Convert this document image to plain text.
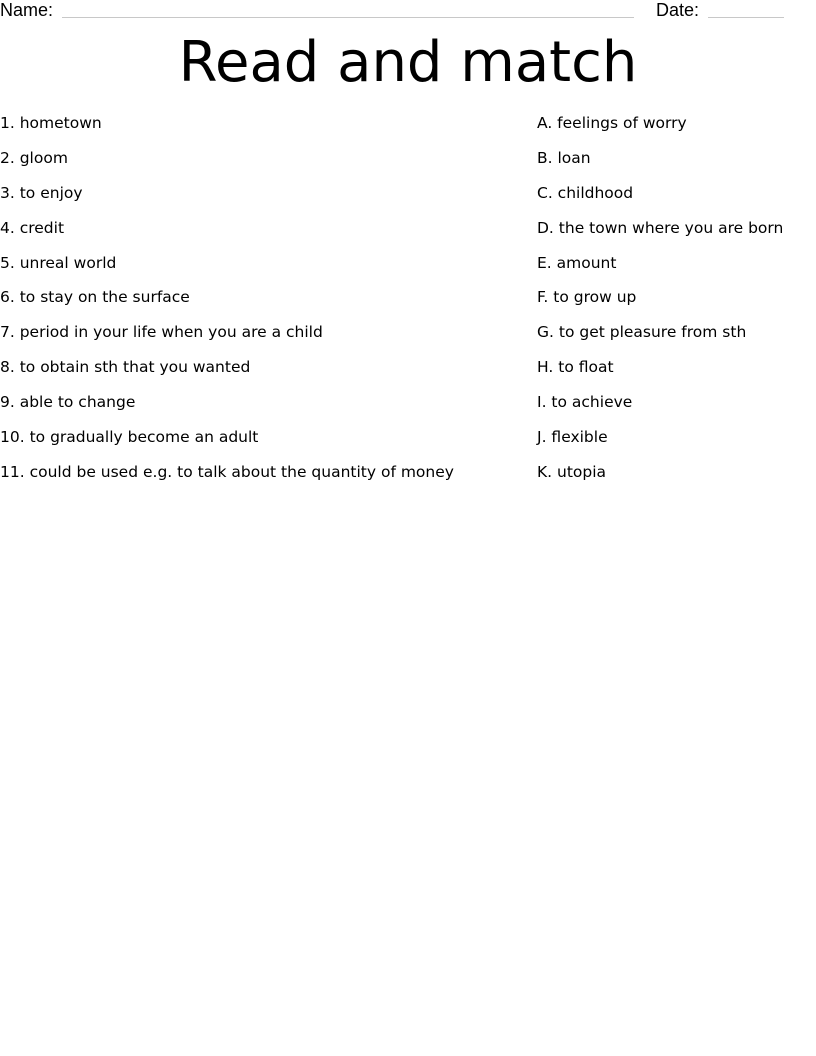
Name:	Date:
Read and match
1. hometown
2. gloom
3. to enjoy
4. credit
5. unreal world
6. to stay on the surface
7. period in your life when you are a child
8. to obtain sth that you wanted
9. able to change
10. to gradually become an adult
11. could be used e.g. to talk about the quantity of money
A. feelings of worry
B. loan
C. childhood
D. the town where you are born
E. amount
F. to grow up
G. to get pleasure from sth
H. to float
I. to achieve
J. flexible
K. utopia
